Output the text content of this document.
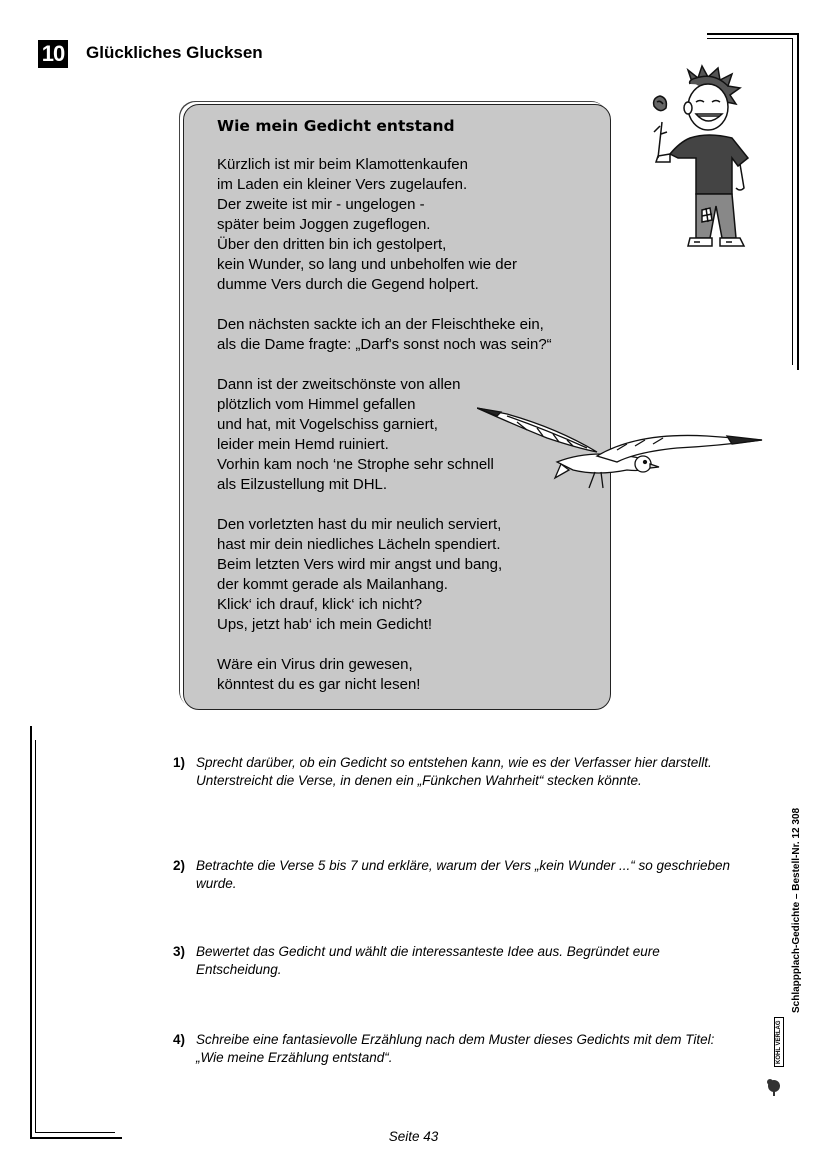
10 Glückliches Glucksen
Wie mein Gedicht entstand
Kürzlich ist mir beim Klamottenkaufen
im Laden ein kleiner Vers zugelaufen.
Der zweite ist mir - ungelogen -
später beim Joggen zugeflogen.
Über den dritten bin ich gestolpert,
kein Wunder, so lang und unbeholfen wie der
dumme Vers durch die Gegend holpert.
Den nächsten sackte ich an der Fleischtheke ein,
als die Dame fragte: „Darf's sonst noch was sein?“
Dann ist der zweitschönste von allen
plötzlich vom Himmel gefallen
und hat, mit Vogelschiss garniert,
leider mein Hemd ruiniert.
Vorhin kam noch ‘ne Strophe sehr schnell
als Eilzustellung mit DHL.
Den vorletzten hast du mir neulich serviert,
hast mir dein niedliches Lächeln spendiert.
Beim letzten Vers wird mir angst und bang,
der kommt gerade als Mailanhang.
Klick‘ ich drauf, klick‘ ich nicht?
Ups, jetzt hab‘ ich mein Gedicht!
Wäre ein Virus drin gewesen,
könntest du es gar nicht lesen!
1) Sprecht darüber, ob ein Gedicht so entstehen kann, wie es der Verfasser hier darstellt. Unterstreicht die Verse, in denen ein „Fünkchen Wahrheit“ stecken könnte.
2) Betrachte die Verse 5 bis 7 und erkläre, warum der Vers „kein Wunder ...“ so geschrieben wurde.
3) Bewertet das Gedicht und wählt die interessanteste Idee aus. Begründet eure Entscheidung.
4) Schreibe eine fantasievolle Erzählung nach dem Muster dieses Gedichts mit dem Titel: „Wie meine Erzählung entstand“.
Schlappplach-Gedichte – Bestell-Nr. 12 308
KOHL VERLAG
Seite 43
